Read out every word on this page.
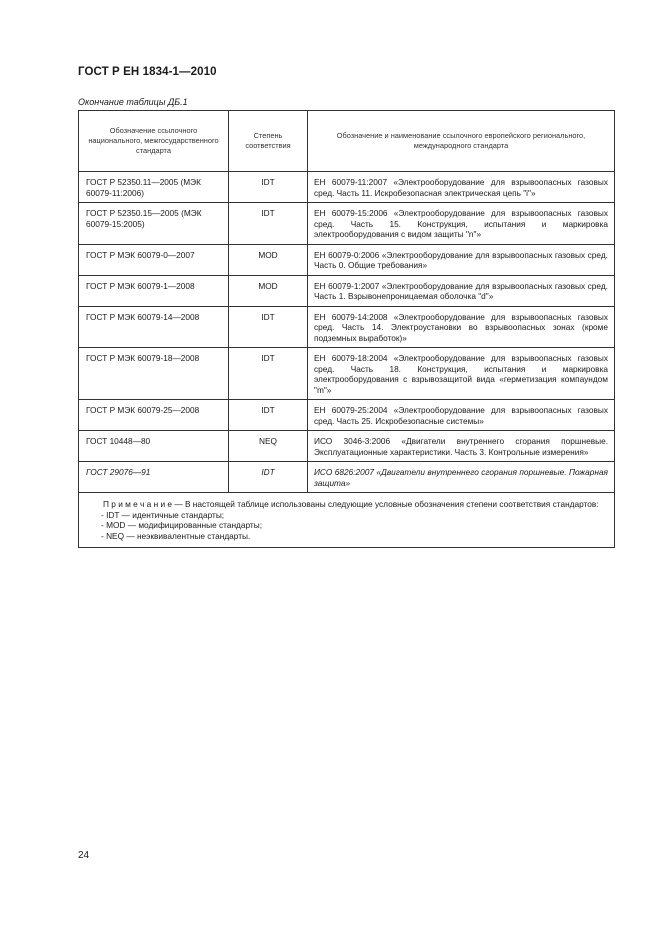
ГОСТ Р ЕН 1834-1—2010
Окончание таблицы ДБ.1
Обозначение ссылочного национального, межгосударственного стандарта	Степень соответствия	Обозначение и наименование ссылочного европейского регионального, международного стандарта
ГОСТ Р 52350.11—2005 (МЭК 60079-11:2006)	IDT	ЕН 60079-11:2007 «Электрооборудование для взрывоопасных газовых сред. Часть 11. Искробезопасная электрическая цепь "i"»
ГОСТ Р 52350.15—2005 (МЭК 60079-15:2005)	IDT	ЕН 60079-15:2006 «Электрооборудование для взрывоопасных газовых сред. Часть 15. Конструкция, испытания и маркировка электрооборудования с видом защиты "n"»
ГОСТ Р МЭК 60079-0—2007	MOD	ЕН 60079-0:2006 «Электрооборудование для взрывоопасных газовых сред. Часть 0. Общие требования»
ГОСТ Р МЭК 60079-1—2008	MOD	ЕН 60079-1:2007 «Электрооборудование для взрывоопасных газовых сред. Часть 1. Взрывонепроницаемая оболочка "d"»
ГОСТ Р МЭК 60079-14—2008	IDT	ЕН 60079-14:2008 «Электрооборудование для взрывоопасных газовых сред. Часть 14. Электроустановки во взрывоопасных зонах (кроме подземных выработок)»
ГОСТ Р МЭК 60079-18—2008	IDT	ЕН 60079-18:2004 «Электрооборудование для взрывоопасных газовых сред. Часть 18. Конструкция, испытания и маркировка электрооборудования с взрывозащитой вида «герметизация компаундом "m"»
ГОСТ Р МЭК 60079-25—2008	IDT	ЕН 60079-25:2004 «Электрооборудование для взрывоопасных газовых сред. Часть 25. Искробезопасные системы»
ГОСТ 10448—80	NEQ	ИСО 3046-3:2006 «Двигатели внутреннего сгорания поршневые. Эксплуатационные характеристики. Часть 3. Контрольные измерения»
ГОСТ 29076—91	IDT	ИСО 6826:2007 «Двигатели внутреннего сгорания поршневые. Пожарная защита»

П р и м е ч а н и е — В настоящей таблице использованы следующие условные обозначения степени соответствия стандартов:
- IDT — идентичные стандарты;
- MOD — модифицированные стандарты;
- NEQ — неэквивалентные стандарты.		
24
